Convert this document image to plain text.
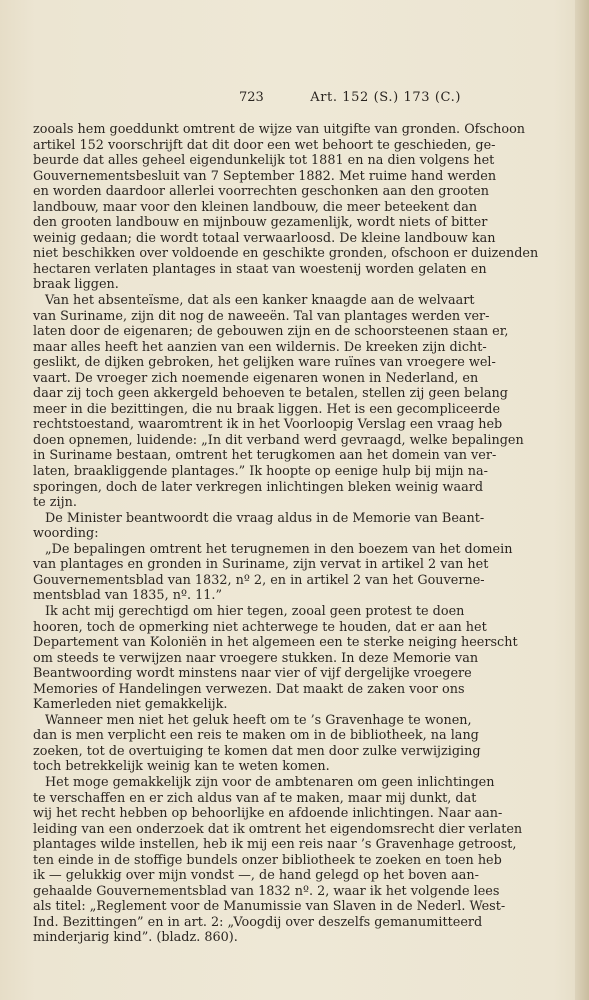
723	Art. 152 (S.) 173 (C.)
zooals hem goeddunkt omtrent de wijze van uitgifte van gronden. Ofschoon
artikel 152 voorschrijft dat dit door een wet behoort te geschieden, ge-
beurde dat alles geheel eigendunkelijk tot 1881 en na dien volgens het
Gouvernementsbesluit van 7 September 1882. Met ruime hand werden
en worden daardoor allerlei voorrechten geschonken aan den grooten
landbouw, maar voor den kleinen landbouw, die meer beteekent dan
den grooten landbouw en mijnbouw gezamenlijk, wordt niets of bitter
weinig gedaan; die wordt totaal verwaarloosd. De kleine landbouw kan
niet beschikken over voldoende en geschikte gronden, ofschoon er duizenden
hectaren verlaten plantages in staat van woestenij worden gelaten en
braak liggen.
Van het absenteïsme, dat als een kanker knaagde aan de welvaart
van Suriname, zijn dit nog de naweeën. Tal van plantages werden ver-
laten door de eigenaren; de gebouwen zijn en de schoorsteenen staan er,
maar alles heeft het aanzien van een wildernis. De kreeken zijn dicht-
geslikt, de dijken gebroken, het gelijken ware ruïnes van vroegere wel-
vaart. De vroeger zich noemende eigenaren wonen in Nederland, en
daar zij toch geen akkergeld behoeven te betalen, stellen zij geen belang
meer in die bezittingen, die nu braak liggen. Het is een gecompliceerde
rechtstoestand, waaromtrent ik in het Voorloopig Verslag een vraag heb
doen opnemen, luidende: „In dit verband werd gevraagd, welke bepalingen
in Suriname bestaan, omtrent het terugkomen aan het domein van ver-
laten, braakliggende plantages.” Ik hoopte op eenige hulp bij mijn na-
sporingen, doch de later verkregen inlichtingen bleken weinig waard
te zijn.
De Minister beantwoordt die vraag aldus in de Memorie van Beant-
woording:
„De bepalingen omtrent het terugnemen in den boezem van het domein
van plantages en gronden in Suriname, zijn vervat in artikel 2 van het
Gouvernementsblad van 1832, nº 2, en in artikel 2 van het Gouverne-
mentsblad van 1835, nº. 11.”
Ik acht mij gerechtigd om hier tegen, zooal geen protest te doen
hooren, toch de opmerking niet achterwege te houden, dat er aan het
Departement van Koloniën in het algemeen een te sterke neiging heerscht
om steeds te verwijzen naar vroegere stukken. In deze Memorie van
Beantwoording wordt minstens naar vier of vijf dergelijke vroegere
Memories of Handelingen verwezen. Dat maakt de zaken voor ons
Kamerleden niet gemakkelijk.
Wanneer men niet het geluk heeft om te ’s Gravenhage te wonen,
dan is men verplicht een reis te maken om in de bibliotheek, na lang
zoeken, tot de overtuiging te komen dat men door zulke verwijziging
toch betrekkelijk weinig kan te weten komen.
Het moge gemakkelijk zijn voor de ambtenaren om geen inlichtingen
te verschaffen en er zich aldus van af te maken, maar mij dunkt, dat
wij het recht hebben op behoorlijke en afdoende inlichtingen. Naar aan-
leiding van een onderzoek dat ik omtrent het eigendomsrecht dier verlaten
plantages wilde instellen, heb ik mij een reis naar ’s Gravenhage getroost,
ten einde in de stoffige bundels onzer bibliotheek te zoeken en toen heb
ik — gelukkig over mijn vondst —, de hand gelegd op het boven aan-
gehaalde Gouvernementsblad van 1832 nº. 2, waar ik het volgende lees
als titel: „Reglement voor de Manumissie van Slaven in de Nederl. West-
Ind. Bezittingen” en in art. 2: „Voogdij over deszelfs gemanumitteerd
minderjarig kind”. (bladz. 860).
